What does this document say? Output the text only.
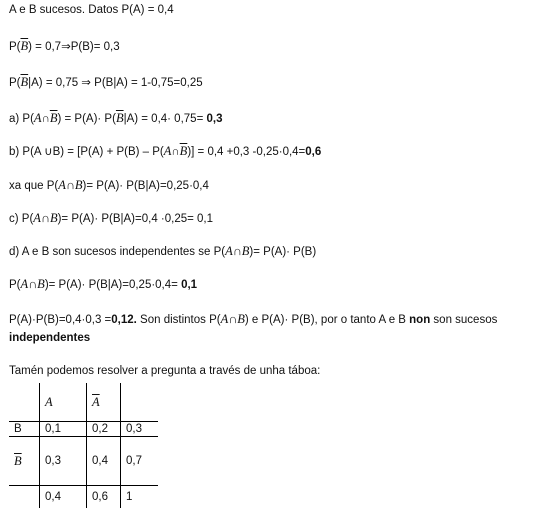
A e B sucesos. Datos P(A) = 0,4
$P(\overline{B})$ = 0,7⇒P(B)= 0,3
$P(\overline{B}|A) = 0,75$ ⇒ P(B|A) = 1-0,75=0,25
a) $P(A\cap\overline{B}) = P(A)\cdot P(\overline{B}|A) = 0,4\cdot 0,75= 0,3$
b) P(A ∪B) = $[P(A) + P(B) - P(A\cap\overline{B})] = 0,4 +0,3$ -0,25·0,4=0,6
xa que P(A∩B)= P(A)· P(B|A)=0,25·0,4
c) P(A∩B)= P(A)· P(B|A)=0,4 ·0,25= 0,1
d) A e B son sucesos independentes se P(A∩B)= P(A)· P(B)
P(A∩B)= P(A)· P(B|A)=0,25·0,4= 0,1
P(A)·P(B)=0,4·0,3 =0,12. Son distintos P(A∩B) e P(A)· P(B), por o tanto A e B non son sucesos
independentes
Tamén podemos resolver a pregunta a través de unha táboa:
	A	$\overline{A}$	
B	0,1	0,2	0,3
$\overline{B}$	0,3	0,4	0,7
	0,4	0,6	1
